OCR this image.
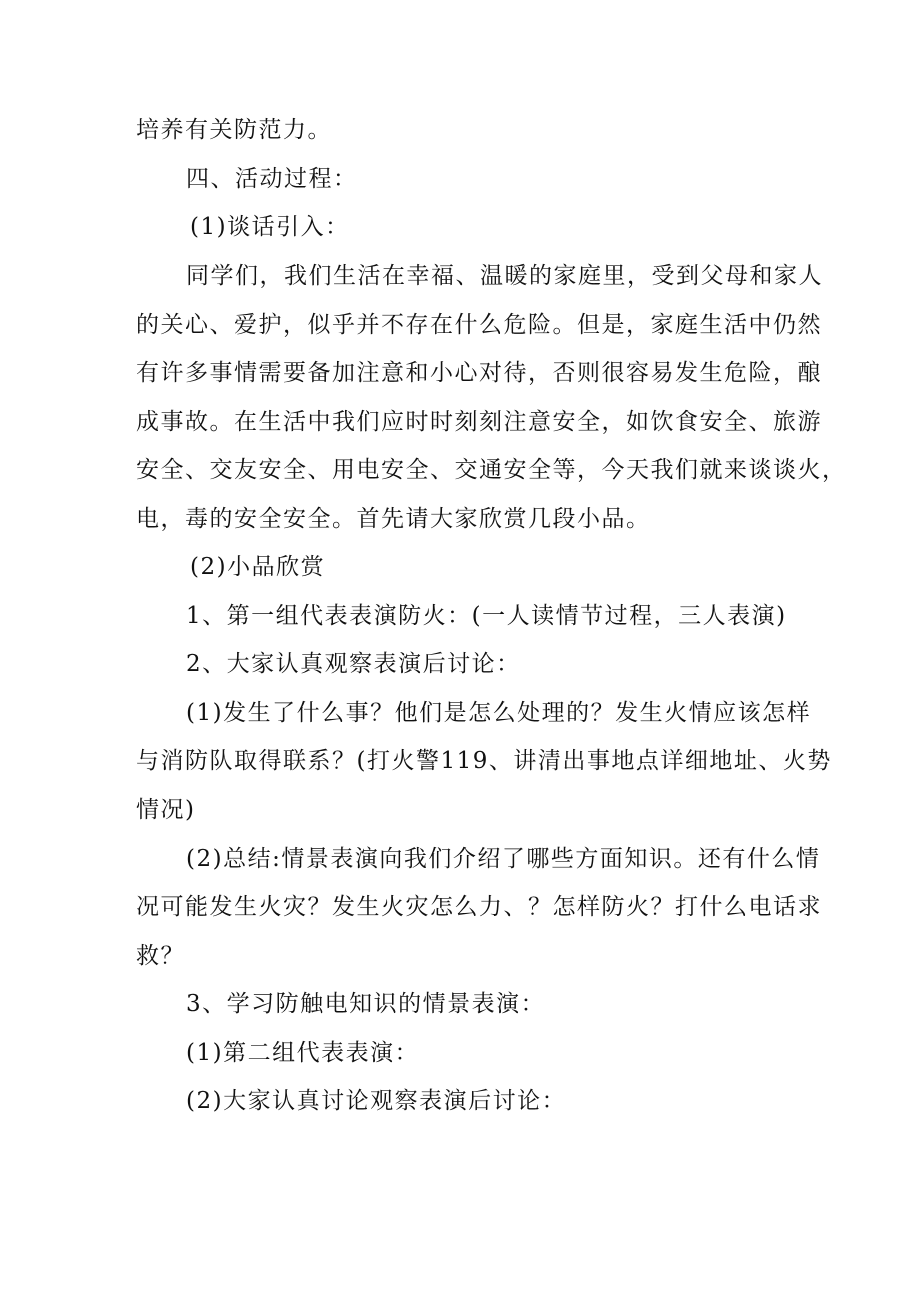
培养有关防范力。
四、活动过程：
(1)谈话引入：
同学们，我们生活在幸福、温暖的家庭里，受到父母和家人
的关心、爱护，似乎并不存在什么危险。但是，家庭生活中仍然
有许多事情需要备加注意和小心对待，否则很容易发生危险，酿
成事故。在生活中我们应时时刻刻注意安全，如饮食安全、旅游
安全、交友安全、用电安全、交通安全等，今天我们就来谈谈火，
电，毒的安全安全。首先请大家欣赏几段小品。
(2)小品欣赏
1、第一组代表表演防火：(一人读情节过程，三人表演)
2、大家认真观察表演后讨论：
(1)发生了什么事？他们是怎么处理的？发生火情应该怎样
与消防队取得联系？(打火警119、讲清出事地点详细地址、火势
情况)
(2)总结:情景表演向我们介绍了哪些方面知识。还有什么情
况可能发生火灾？发生火灾怎么力、？怎样防火？打什么电话求
救？
3、学习防触电知识的情景表演：
(1)第二组代表表演：
(2)大家认真讨论观察表演后讨论：
